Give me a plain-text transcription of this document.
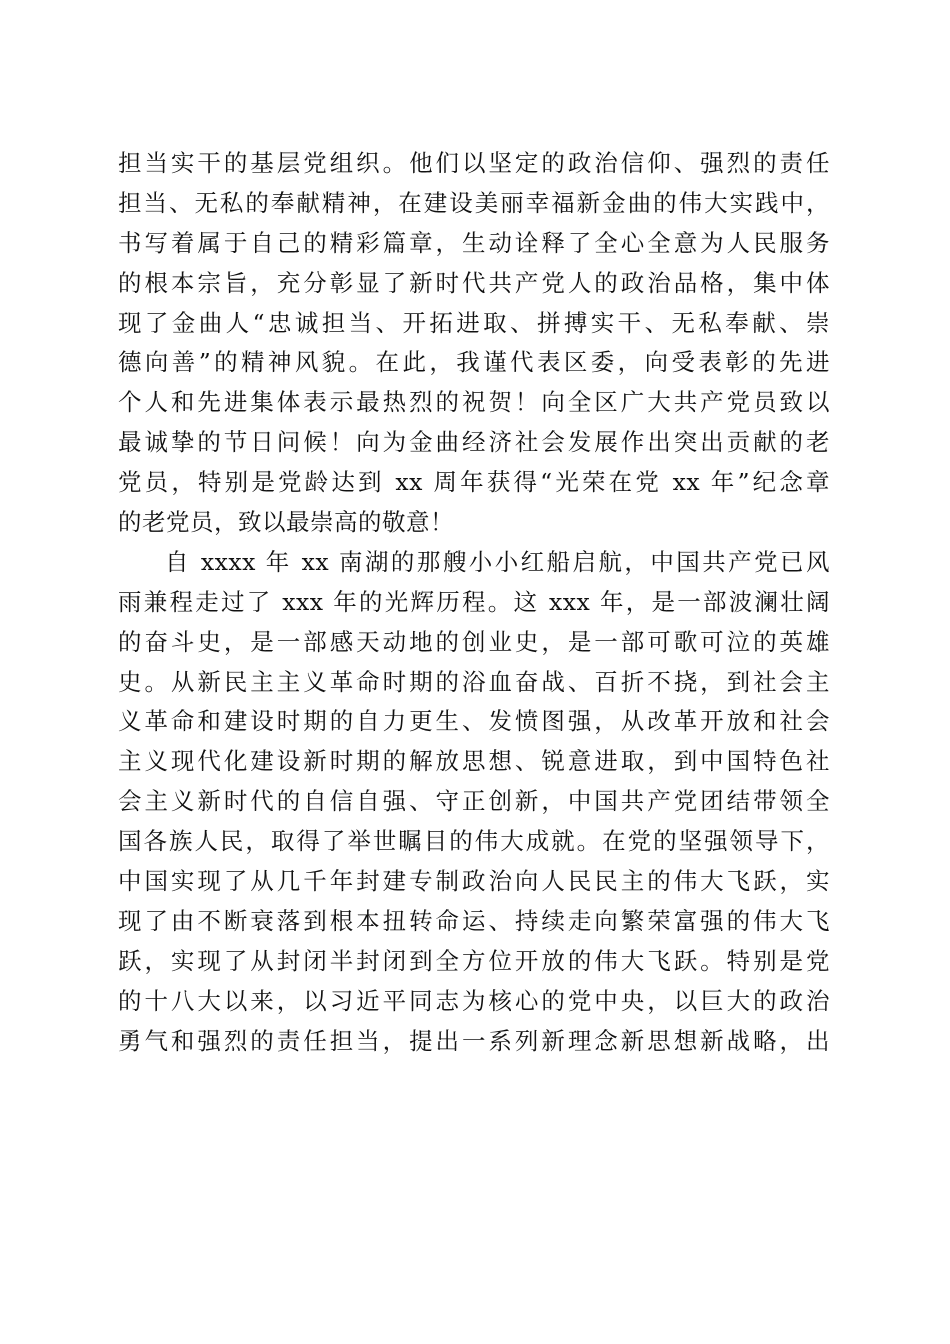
担当实干的基层党组织。他们以坚定的政治信仰、强烈的责任
担当、无私的奉献精神，在建设美丽幸福新金曲的伟大实践中，
书写着属于自己的精彩篇章，生动诠释了全心全意为人民服务
的根本宗旨，充分彰显了新时代共产党人的政治品格，集中体
现了金曲人“忠诚担当、开拓进取、拼搏实干、无私奉献、崇
德向善”的精神风貌。在此，我谨代表区委，向受表彰的先进
个人和先进集体表示最热烈的祝贺！向全区广大共产党员致以
最诚挚的节日问候！向为金曲经济社会发展作出突出贡献的老
党员，特别是党龄达到 xx 周年获得“光荣在党 xx 年”纪念章
的老党员，致以最崇高的敬意！
自 xxxx 年 xx 南湖的那艘小小红船启航，中国共产党已风
雨兼程走过了 xxx 年的光辉历程。这 xxx 年，是一部波澜壮阔
的奋斗史，是一部感天动地的创业史，是一部可歌可泣的英雄
史。从新民主主义革命时期的浴血奋战、百折不挠，到社会主
义革命和建设时期的自力更生、发愤图强，从改革开放和社会
主义现代化建设新时期的解放思想、锐意进取，到中国特色社
会主义新时代的自信自强、守正创新，中国共产党团结带领全
国各族人民，取得了举世瞩目的伟大成就。在党的坚强领导下，
中国实现了从几千年封建专制政治向人民民主的伟大飞跃，实
现了由不断衰落到根本扭转命运、持续走向繁荣富强的伟大飞
跃，实现了从封闭半封闭到全方位开放的伟大飞跃。特别是党
的十八大以来，以习近平同志为核心的党中央，以巨大的政治
勇气和强烈的责任担当，提出一系列新理念新思想新战略，出
